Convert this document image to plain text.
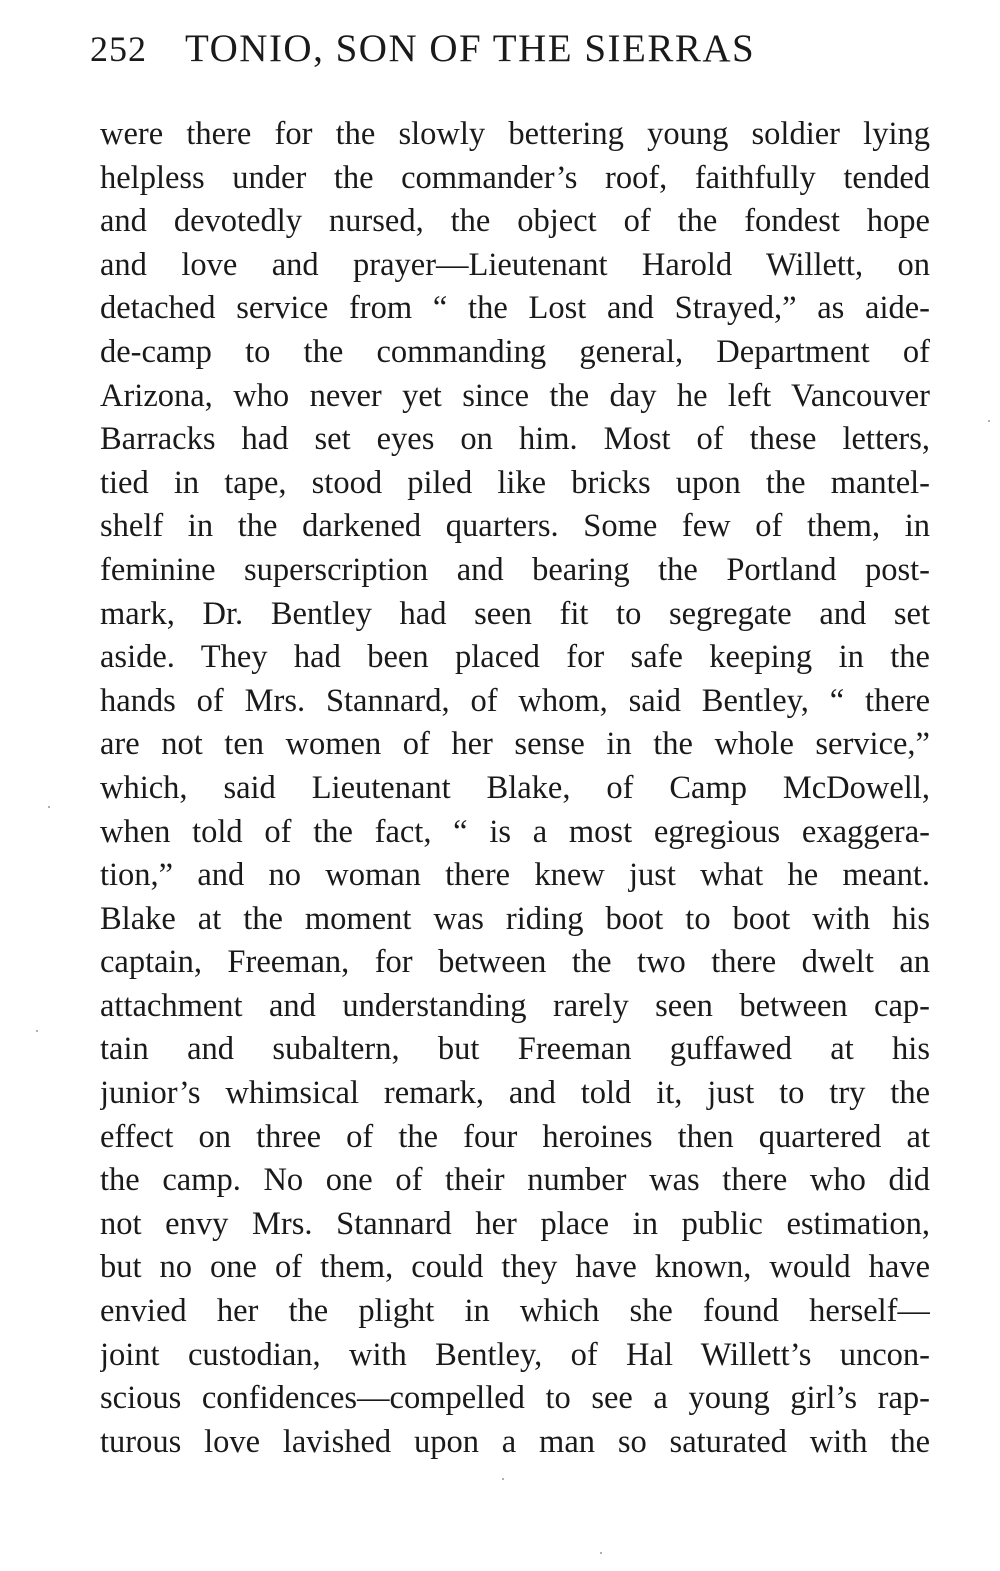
252 TONIO, SON OF THE SIERRAS
were there for the slowly bettering young soldier lying
helpless under the commander’s roof, faithfully tended
and devotedly nursed, the object of the fondest hope
and love and prayer—Lieutenant Harold Willett, on
detached service from “ the Lost and Strayed,” as aide-
de-camp to the commanding general, Department of
Arizona, who never yet since the day he left Vancouver
Barracks had set eyes on him. Most of these letters,
tied in tape, stood piled like bricks upon the mantel-
shelf in the darkened quarters. Some few of them, in
feminine superscription and bearing the Portland post-
mark, Dr. Bentley had seen fit to segregate and set
aside. They had been placed for safe keeping in the
hands of Mrs. Stannard, of whom, said Bentley, “ there
are not ten women of her sense in the whole service,”
which, said Lieutenant Blake, of Camp McDowell,
when told of the fact, “ is a most egregious exaggera-
tion,” and no woman there knew just what he meant.
Blake at the moment was riding boot to boot with his
captain, Freeman, for between the two there dwelt an
attachment and understanding rarely seen between cap-
tain and subaltern, but Freeman guffawed at his
junior’s whimsical remark, and told it, just to try the
effect on three of the four heroines then quartered at
the camp. No one of their number was there who did
not envy Mrs. Stannard her place in public estimation,
but no one of them, could they have known, would have
envied her the plight in which she found herself—
joint custodian, with Bentley, of Hal Willett’s uncon-
scious confidences—compelled to see a young girl’s rap-
turous love lavished upon a man so saturated with the
